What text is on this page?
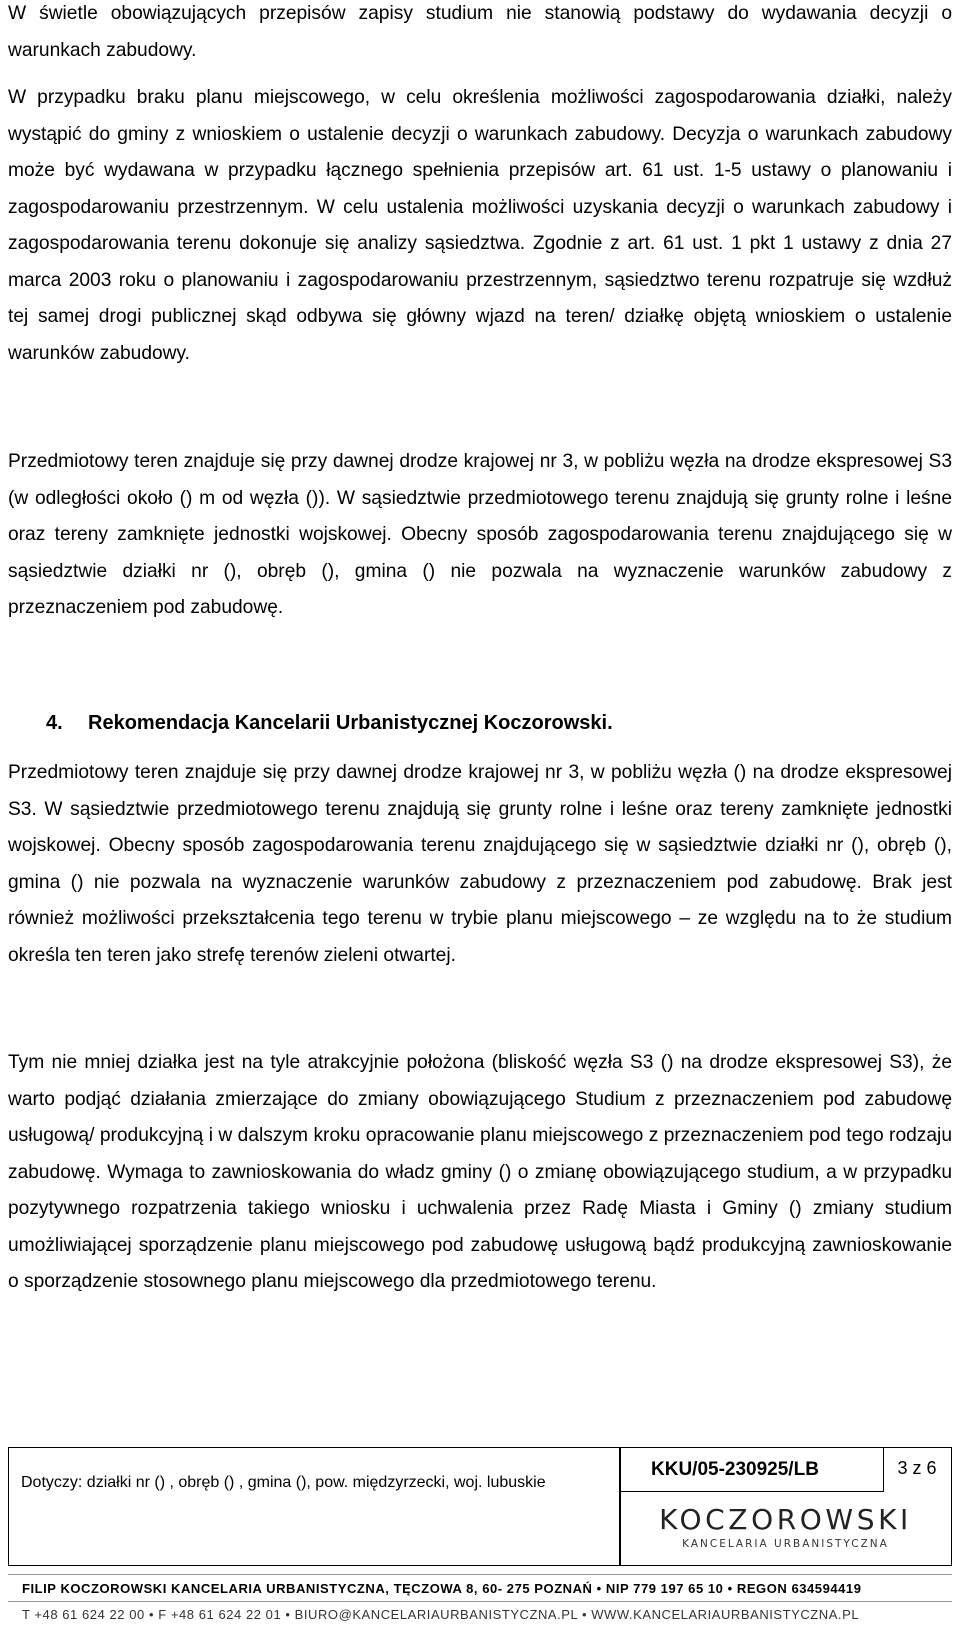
W świetle obowiązujących przepisów zapisy studium nie stanowią podstawy do wydawania decyzji o warunkach zabudowy.

W przypadku braku planu miejscowego, w celu określenia możliwości zagospodarowania działki, należy wystąpić do gminy z wnioskiem o ustalenie decyzji o warunkach zabudowy. Decyzja o warunkach zabudowy może być wydawana w przypadku łącznego spełnienia przepisów art. 61 ust. 1-5 ustawy o planowaniu i zagospodarowaniu przestrzennym. W celu ustalenia możliwości uzyskania decyzji o warunkach zabudowy i zagospodarowania terenu dokonuje się analizy sąsiedztwa. Zgodnie z art. 61 ust. 1 pkt 1 ustawy z dnia 27 marca 2003 roku o planowaniu i zagospodarowaniu przestrzennym, sąsiedztwo terenu rozpatruje się wzdłuż tej samej drogi publicznej skąd odbywa się główny wjazd na teren/ działkę objętą wnioskiem o ustalenie warunków zabudowy.

Przedmiotowy teren znajduje się przy dawnej drodze krajowej nr 3, w pobliżu węzła na drodze ekspresowej S3 (w odległości około () m od węzła ()). W sąsiedztwie przedmiotowego terenu znajdują się grunty rolne i leśne oraz tereny zamknięte jednostki wojskowej. Obecny sposób zagospodarowania terenu znajdującego się w sąsiedztwie działki nr (), obręb (), gmina () nie pozwala na wyznaczenie warunków zabudowy z przeznaczeniem pod zabudowę.

4. Rekomendacja Kancelarii Urbanistycznej Koczorowski.

Przedmiotowy teren znajduje się przy dawnej drodze krajowej nr 3, w pobliżu węzła () na drodze ekspresowej S3. W sąsiedztwie przedmiotowego terenu znajdują się grunty rolne i leśne oraz tereny zamknięte jednostki wojskowej. Obecny sposób zagospodarowania terenu znajdującego się w sąsiedztwie działki nr (), obręb (), gmina () nie pozwala na wyznaczenie warunków zabudowy z przeznaczeniem pod zabudowę. Brak jest również możliwości przekształcenia tego terenu w trybie planu miejscowego – ze względu na to że studium określa ten teren jako strefę terenów zieleni otwartej.

Tym nie mniej działka jest na tyle atrakcyjnie położona (bliskość węzła S3 () na drodze ekspresowej S3), że warto podjąć działania zmierzające do zmiany obowiązującego Studium z przeznaczeniem pod zabudowę usługową/ produkcyjną i w dalszym kroku opracowanie planu miejscowego z przeznaczeniem pod tego rodzaju zabudowę. Wymaga to zawnioskowania do władz gminy () o zmianę obowiązującego studium, a w przypadku pozytywnego rozpatrzenia takiego wniosku i uchwalenia przez Radę Miasta i Gminy () zmiany studium umożliwiającej sporządzenie planu miejscowego pod zabudowę usługową bądź produkcyjną zawnioskowanie o sporządzenie stosownego planu miejscowego dla przedmiotowego terenu.

Dotyczy: działki nr () , obręb () , gmina (), pow. międzyrzecki, woj. lubuskie
KKU/05-230925/LB	3 z 6
KOCZOROWSKI
KANCELARIA URBANISTYCZNA
FILIP KOCZOROWSKI KANCELARIA URBANISTYCZNA, TĘCZOWA 8, 60- 275 POZNAŃ • NIP 779 197 65 10 • REGON 634594419
T +48 61 624 22 00 • F +48 61 624 22 01 • BIURO@KANCELARIAURBANISTYCZNA.PL • WWW.KANCELARIAURBANISTYCZNA.PL
